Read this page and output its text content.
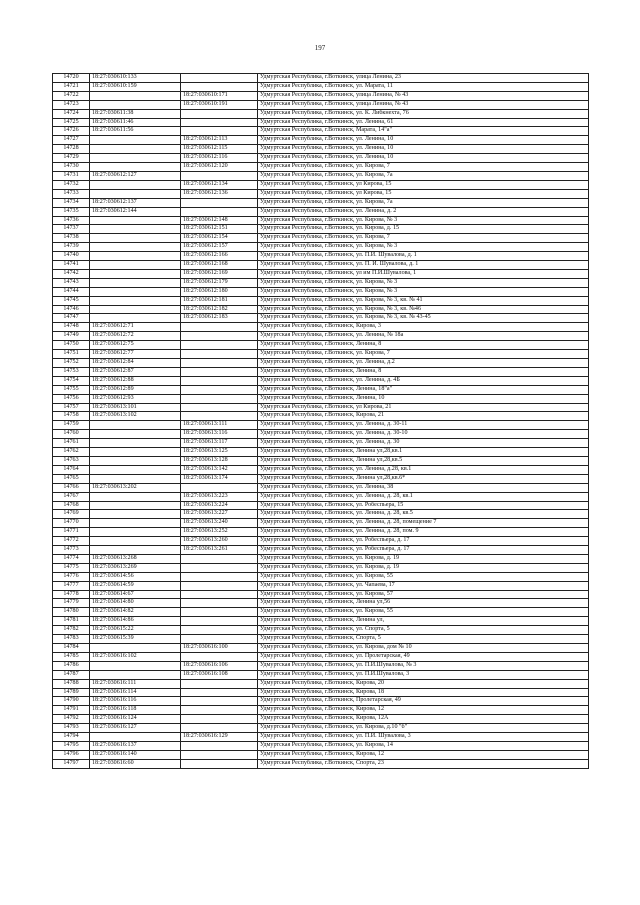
197
14720	18:27:030610:133		Удмуртская Республика, г.Воткинск, улица Ленина, 23
14721	18:27:030610:159		Удмуртская Республика, г.Воткинск, ул. Марата, 11
14722		18:27:030610:171	Удмуртская Республика, г.Воткинск, улица Ленина, № 43
14723		18:27:030610:191	Удмуртская Республика, г.Воткинск, улица Ленина, № 43
14724	18:27:030611:38		Удмуртская Республика, г.Воткинск, ул. К. Либкнехта, 76
14725	18:27:030611:46		Удмуртская Республика, г.Воткинск, ул. Ленина, 61
14726	18:27:030611:56		Удмуртская Республика, г.Воткинск, Марата, 14"а"
14727		18:27:030612:113	Удмуртская Республика, г.Воткинск, ул. Ленина, 10
14728		18:27:030612:115	Удмуртская Республика, г.Воткинск, ул. Ленина, 10
14729		18:27:030612:116	Удмуртская Республика, г.Воткинск, ул. Ленина, 10
14730		18:27:030612:120	Удмуртская Республика, г.Воткинск, ул. Кирова, 7
14731	18:27:030612:127		Удмуртская Республика, г.Воткинск, ул. Кирова, 7а
14732		18:27:030612:134	Удмуртская Республика, г.Воткинск, ул Кирова, 15
14733		18:27:030612:136	Удмуртская Республика, г.Воткинск, ул Кирова, 15
14734	18:27:030612:137		Удмуртская Республика, г.Воткинск, ул. Кирова, 7а
14735	18:27:030612:144		Удмуртская Республика, г.Воткинск, ул. Ленина, д. 2
14736		18:27:030612:148	Удмуртская Республика, г.Воткинск, ул. Кирова, № 3
14737		18:27:030612:151	Удмуртская Республика, г.Воткинск, ул. Кирова, д. 15
14738		18:27:030612:154	Удмуртская Республика, г.Воткинск, ул. Кирова, 7
14739		18:27:030612:157	Удмуртская Республика, г.Воткинск, ул. Кирова, № 3
14740		18:27:030612:166	Удмуртская Республика, г.Воткинск, ул. П.И. Шувалова, д. 1
14741		18:27:030612:168	Удмуртская Республика, г.Воткинск, ул. П. И. Шувалова, д. 1
14742		18:27:030612:169	Удмуртская Республика, г.Воткинск, ул им П.И.Шувалова, 1
14743		18:27:030612:179	Удмуртская Республика, г.Воткинск, ул. Кирова, № 3
14744		18:27:030612:180	Удмуртская Республика, г.Воткинск, ул. Кирова, № 3
14745		18:27:030612:181	Удмуртская Республика, г.Воткинск, ул. Кирова, № 3, кв. № 41
14746		18:27:030612:182	Удмуртская Республика, г.Воткинск, ул. Кирова, № 3, кв. №46
14747		18:27:030612:183	Удмуртская Республика, г.Воткинск, ул. Кирова, № 3, кв. № 43-45
14748	18:27:030612:71		Удмуртская Республика, г.Воткинск, Кирова, 3
14749	18:27:030612:72		Удмуртская Республика, г.Воткинск, ул. Ленина, № 18а
14750	18:27:030612:75		Удмуртская Республика, г.Воткинск, Ленина, 8
14751	18:27:030612:77		Удмуртская Республика, г.Воткинск, ул. Кирова, 7
14752	18:27:030612:84		Удмуртская Республика, г.Воткинск, ул. Ленина, д.2
14753	18:27:030612:87		Удмуртская Республика, г.Воткинск, Ленина, 8
14754	18:27:030612:88		Удмуртская Республика, г.Воткинск, ул. Ленина, д. 4Б
14755	18:27:030612:89		Удмуртская Республика, г.Воткинск, Ленина, 18"а"
14756	18:27:030612:93		Удмуртская Республика, г.Воткинск, Ленина, 10
14757	18:27:030613:101		Удмуртская Республика, г.Воткинск, ул Кирова, 21
14758	18:27:030613:102		Удмуртская Республика, г.Воткинск, Кирова, 21
14759		18:27:030613:111	Удмуртская Республика, г.Воткинск, ул. Ленина, д. 30-11
14760		18:27:030613:116	Удмуртская Республика, г.Воткинск, ул. Ленина, д. 30-10
14761		18:27:030613:117	Удмуртская Республика, г.Воткинск, ул. Ленина, д. 30
14762		18:27:030613:125	Удмуртская Республика, г.Воткинск, Ленина ул,28,кв.1
14763		18:27:030613:128	Удмуртская Республика, г.Воткинск, Ленина ул,28,кв.5
14764		18:27:030613:142	Удмуртская Республика, г.Воткинск, ул. Ленина, д.28, кв.1
14765		18:27:030613:174	Удмуртская Республика, г.Воткинск, Ленина ул,28,кв.6*
14766	18:27:030613:202		Удмуртская Республика, г.Воткинск, ул. Ленина, 38
14767		18:27:030613:223	Удмуртская Республика, г.Воткинск, ул. Ленина, д. 28, кв.1
14768		18:27:030613:224	Удмуртская Республика, г.Воткинск, ул. Робеспьера, 15
14769		18:27:030613:227	Удмуртская Республика, г.Воткинск, ул. Ленина, д. 28, кв.5
14770		18:27:030613:240	Удмуртская Республика, г.Воткинск, ул. Ленина, д. 28, помещение 7
14771		18:27:030613:252	Удмуртская Республика, г.Воткинск, ул. Ленина, д. 28, пом. 9
14772		18:27:030613:260	Удмуртская Республика, г.Воткинск, ул. Робеспьера, д. 17
14773		18:27:030613:261	Удмуртская Республика, г.Воткинск, ул. Робеспьера, д. 17
14774	18:27:030613:268		Удмуртская Республика, г.Воткинск, ул. Кирова, д. 19
14775	18:27:030613:269		Удмуртская Республика, г.Воткинск, ул. Кирова, д. 19
14776	18:27:030614:56		Удмуртская Республика, г.Воткинск, ул. Кирова, 55
14777	18:27:030614:59		Удмуртская Республика, г.Воткинск, ул. Чапаева, 17
14778	18:27:030614:67		Удмуртская Республика, г.Воткинск, ул. Кирова, 57
14779	18:27:030614:80		Удмуртская Республика, г.Воткинск, Ленина ул,56
14780	18:27:030614:82		Удмуртская Республика, г.Воткинск, ул. Кирова, 55
14781	18:27:030614:86		Удмуртская Республика, г.Воткинск, Ленина ул,
14782	18:27:030615:22		Удмуртская Республика, г.Воткинск, ул. Спорта, 5
14783	18:27:030615:39		Удмуртская Республика, г.Воткинск, Спорта, 5
14784		18:27:030616:100	Удмуртская Республика, г.Воткинск, ул. Кирова, дом № 10
14785	18:27:030616:102		Удмуртская Республика, г.Воткинск, ул. Пролетарская, 49
14786		18:27:030616:106	Удмуртская Республика, г.Воткинск, ул. П.И.Шувалова, № 3
14787		18:27:030616:108	Удмуртская Республика, г.Воткинск, ул. П.И.Шувалова, 3
14788	18:27:030616:111		Удмуртская Республика, г.Воткинск, Кирова, 20
14789	18:27:030616:114		Удмуртская Республика, г.Воткинск, Кирова, 18
14790	18:27:030616:116		Удмуртская Республика, г.Воткинск, Пролетарская, 49
14791	18:27:030616:118		Удмуртская Республика, г.Воткинск, Кирова, 12
14792	18:27:030616:124		Удмуртская Республика, г.Воткинск, Кирова, 12А
14793	18:27:030616:127		Удмуртская Республика, г.Воткинск, ул. Кирова, д.10 "б"
14794		18:27:030616:129	Удмуртская Республика, г.Воткинск, ул. П.И. Шувалова, 3
14795	18:27:030616:137		Удмуртская Республика, г.Воткинск, ул. Кирова, 14
14796	18:27:030616:140		Удмуртская Республика, г.Воткинск, Кирова, 12
14797	18:27:030616:60		Удмуртская Республика, г.Воткинск, Спорта, 23
